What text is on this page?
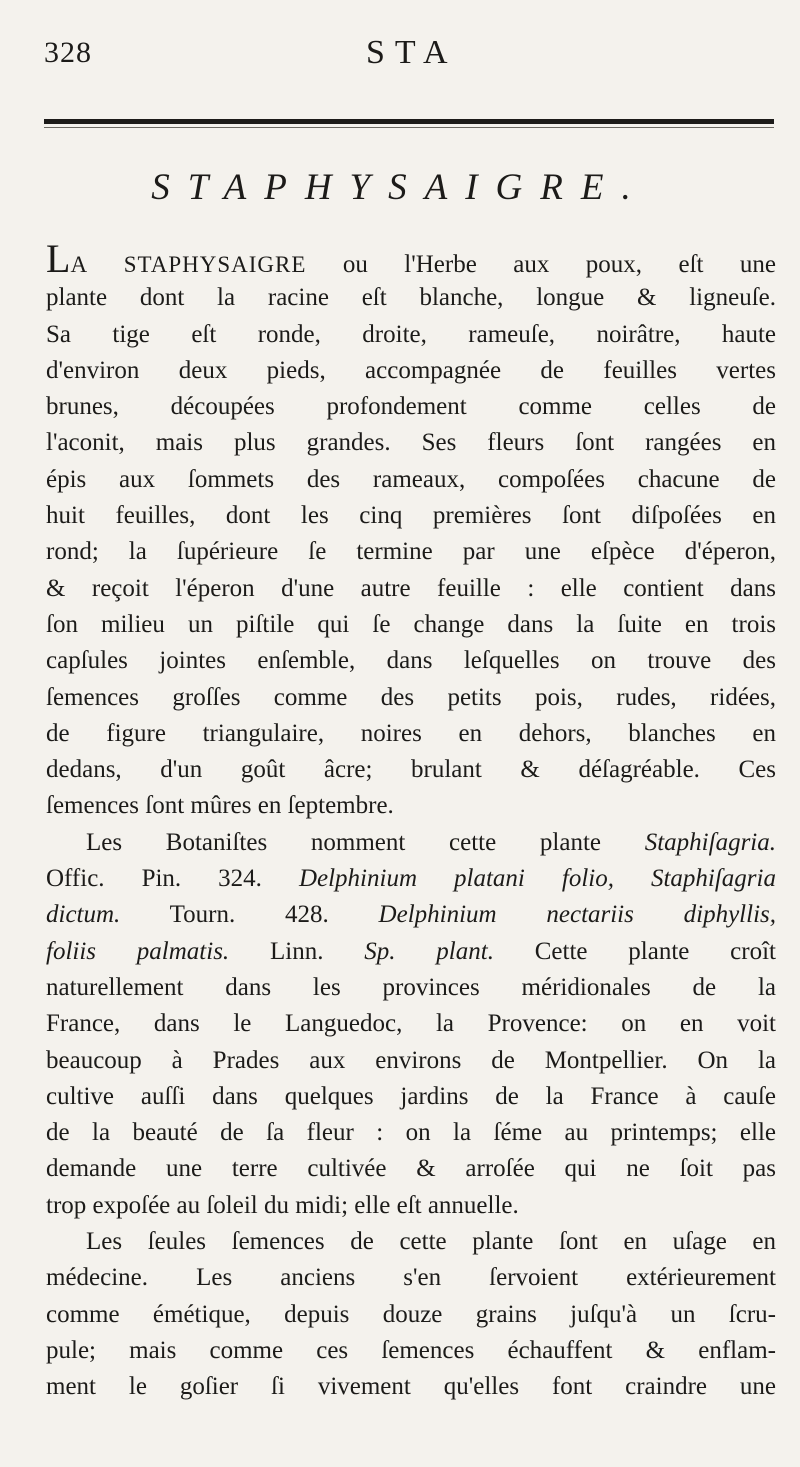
328	STA
STAPHYSAIGRE.
LA STAPHYSAIGRE ou l'Herbe aux poux, eſt une
plante dont la racine eſt blanche, longue & ligneuſe.
Sa tige eſt ronde, droite, rameuſe, noirâtre, haute
d'environ deux pieds, accompagnée de feuilles vertes
brunes, découpées profondement comme celles de
l'aconit, mais plus grandes. Ses fleurs ſont rangées en
épis aux ſommets des rameaux, compoſées chacune de
huit feuilles, dont les cinq premières ſont diſpoſées en
rond; la ſupérieure ſe termine par une eſpèce d'éperon,
& reçoit l'éperon d'une autre feuille : elle contient dans
ſon milieu un piſtile qui ſe change dans la ſuite en trois
capſules jointes enſemble, dans leſquelles on trouve des
ſemences groſſes comme des petits pois, rudes, ridées,
de figure triangulaire, noires en dehors, blanches en
dedans, d'un goût âcre; brulant & déſagréable. Ces
ſemences ſont mûres en ſeptembre.
Les Botaniſtes nomment cette plante Staphiſagria.
Offic. Pin. 324. Delphinium platani folio, Staphiſagria
dictum. Tourn. 428. Delphinium nectariis diphyllis,
foliis palmatis. Linn. Sp. plant. Cette plante croît
naturellement dans les provinces méridionales de la
France, dans le Languedoc, la Provence: on en voit
beaucoup à Prades aux environs de Montpellier. On la
cultive auſſi dans quelques jardins de la France à cauſe
de la beauté de ſa fleur : on la ſéme au printemps; elle
demande une terre cultivée & arroſée qui ne ſoit pas
trop expoſée au ſoleil du midi; elle eſt annuelle.
Les ſeules ſemences de cette plante ſont en uſage en
médecine. Les anciens s'en ſervoient extérieurement
comme émétique, depuis douze grains juſqu'à un ſcru-
pule; mais comme ces ſemences échauffent & enflam-
ment le goſier ſi vivement qu'elles font craindre une
